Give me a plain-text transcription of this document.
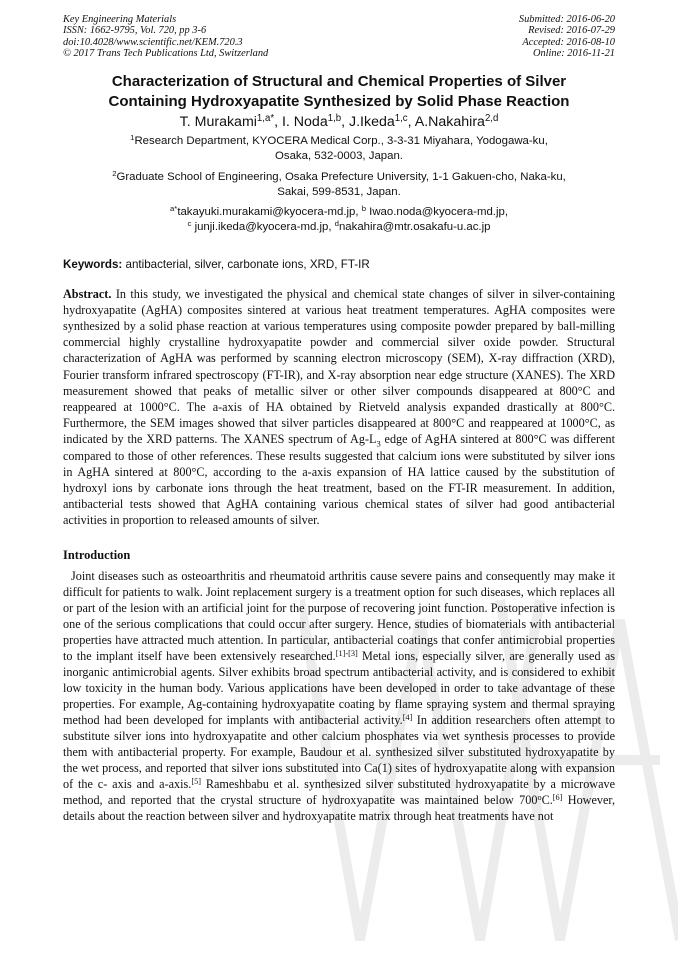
Key Engineering Materials
ISSN: 1662-9795, Vol. 720, pp 3-6
doi:10.4028/www.scientific.net/KEM.720.3
© 2017 Trans Tech Publications Ltd, Switzerland
Submitted: 2016-06-20
Revised: 2016-07-29
Accepted: 2016-08-10
Online: 2016-11-21
Characterization of Structural and Chemical Properties of Silver
Containing Hydroxyapatite Synthesized by Solid Phase Reaction
T. Murakami$^{1,a*}$, I. Noda$^{1,b}$, J.Ikeda$^{1,c}$, A.Nakahira$^{2,d}$
$^1$Research Department, KYOCERA Medical Corp., 3-3-31 Miyahara, Yodogawa-ku,
Osaka, 532-0003, Japan.
$^2$Graduate School of Engineering, Osaka Prefecture University, 1-1 Gakuen-cho, Naka-ku,
Sakai, 599-8531, Japan.
$^{a*}$takayuki.murakami@kyocera-md.jp, $^b$ Iwao.noda@kyocera-md.jp,
$^c$ junji.ikeda@kyocera-md.jp, $^d$nakahira@mtr.osakafu-u.ac.jp
Keywords: antibacterial, silver, carbonate ions, XRD, FT-IR
Abstract. In this study, we investigated the physical and chemical state changes of silver in silver-containing hydroxyapatite (AgHA) composites sintered at various heat treatment temperatures. AgHA composites were synthesized by a solid phase reaction at various temperatures using composite powder prepared by ball-milling commercial highly crystalline hydroxyapatite powder and commercial silver oxide powder. Structural characterization of AgHA was performed by scanning electron microscopy (SEM), X-ray diffraction (XRD), Fourier transform infrared spectroscopy (FT-IR), and X-ray absorption near edge structure (XANES). The XRD measurement showed that peaks of metallic silver or other silver compounds disappeared at 800°C and reappeared at 1000°C. The a-axis of HA obtained by Rietveld analysis expanded drastically at 800°C. Furthermore, the SEM images showed that silver particles disappeared at 800°C and reappeared at 1000°C, as indicated by the XRD patterns. The XANES spectrum of $Ag-L_3$ edge of AgHA sintered at 800°C was different compared to those of other references. These results suggested that calcium ions were substituted by silver ions in AgHA sintered at 800°C, according to the a-axis expansion of HA lattice caused by the substitution of hydroxyl ions by carbonate ions through the heat treatment, based on the FT-IR measurement. In addition, antibacterial tests showed that AgHA containing various chemical states of silver had good antibacterial activities in proportion to released amounts of silver.
Introduction
Joint diseases such as osteoarthritis and rheumatoid arthritis cause severe pains and consequently may make it difficult for patients to walk. Joint replacement surgery is a treatment option for such diseases, which replaces all or part of the lesion with an artificial joint for the purpose of recovering joint function. Postoperative infection is one of the serious complications that could occur after surgery. Hence, studies of biomaterials with antibacterial properties have attracted much attention. In particular, antibacterial coatings that confer antimicrobial properties to the implant itself have been extensively researched.[1]-[3] Metal ions, especially silver, are generally used as inorganic antimicrobial agents. Silver exhibits broad spectrum antibacterial activity, and is considered to exhibit low toxicity in the human body. Various applications have been developed in order to take advantage of these properties. For example, Ag-containing hydroxyapatite coating by flame spraying system and thermal spraying method had been developed for implants with antibacterial activity.[4] In addition researchers often attempt to substitute silver ions into hydroxyapatite and other calcium phosphates via wet synthesis processes to provide them with antibacterial property. For example, Baudour et al. synthesized silver substituted hydroxyapatite by the wet process, and reported that silver ions substituted into Ca(1) sites of hydroxyapatite along with expansion of the c- axis and a-axis.[5] Rameshbabu et al. synthesized silver substituted hydroxyapatite by a microwave method, and reported that the crystal structure of hydroxyapatite was maintained below 700$^o$C.[6] However, details about the reaction between silver and hydroxyapatite matrix through heat treatments have not
